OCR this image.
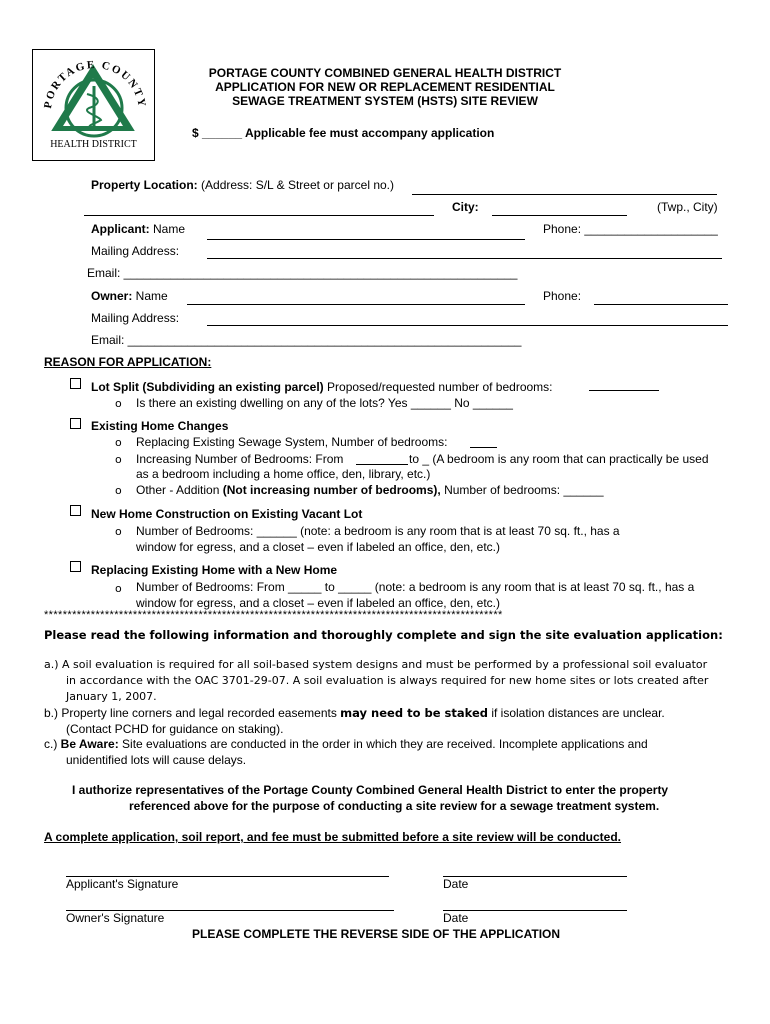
PORTAGE COUNTY
HEALTH DISTRICT
PORTAGE COUNTY COMBINED GENERAL HEALTH DISTRICT
APPLICATION FOR NEW OR REPLACEMENT RESIDENTIAL
SEWAGE TREATMENT SYSTEM (HSTS) SITE REVIEW
$ ______ Applicable fee must accompany application
Property Location: (Address: S/L & Street or parcel no.)
City:	(Twp., City)
Applicant: Name	Phone: ____________________
Mailing Address:
Email: ___________________________________________________________
Owner: Name	Phone:
Mailing Address:
Email: ___________________________________________________________
REASON FOR APPLICATION:
Lot Split (Subdividing an existing parcel) Proposed/requested number of bedrooms:
o Is there an existing dwelling on any of the lots? Yes ______ No ______
Existing Home Changes
o Replacing Existing Sewage System, Number of bedrooms:
o Increasing Number of Bedrooms: From	to _ (A bedroom is any room that can practically be used
as a bedroom including a home office, den, library, etc.)
o Other - Addition (Not increasing number of bedrooms), Number of bedrooms: ______
New Home Construction on Existing Vacant Lot
o Number of Bedrooms: ______ (note: a bedroom is any room that is at least 70 sq. ft., has a
window for egress, and a closet – even if labeled an office, den, etc.)
Replacing Existing Home with a New Home
o Number of Bedrooms: From _____ to _____ (note: a bedroom is any room that is at least 70 sq. ft., has a
window for egress, and a closet – even if labeled an office, den, etc.)
**************************************************************************************************
Please read the following information and thoroughly complete and sign the site evaluation application:
a.) A soil evaluation is required for all soil-based system designs and must be performed by a professional soil evaluator
in accordance with the OAC 3701-29-07. A soil evaluation is always required for new home sites or lots created after
January 1, 2007.
b.) Property line corners and legal recorded easements may need to be staked if isolation distances are unclear.
(Contact PCHD for guidance on staking).
c.) Be Aware: Site evaluations are conducted in the order in which they are received. Incomplete applications and
unidentified lots will cause delays.
I authorize representatives of the Portage County Combined General Health District to enter the property
referenced above for the purpose of conducting a site review for a sewage treatment system.
A complete application, soil report, and fee must be submitted before a site review will be conducted.
Applicant's Signature	Date
Owner's Signature	Date
PLEASE COMPLETE THE REVERSE SIDE OF THE APPLICATION
